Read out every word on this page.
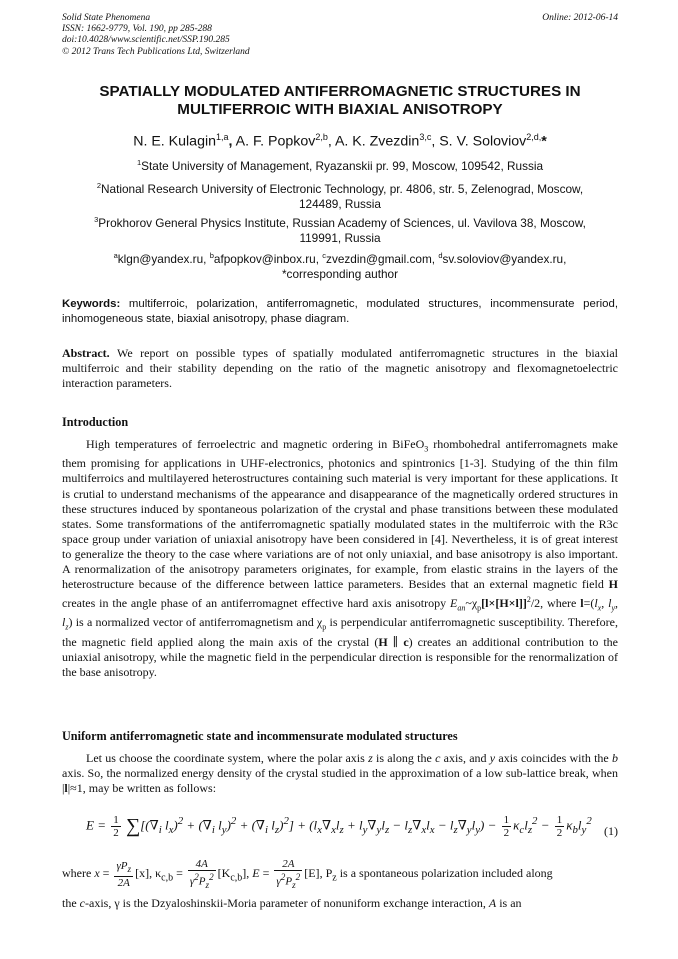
Solid State Phenomena
ISSN: 1662-9779, Vol. 190, pp 285-288
doi:10.4028/www.scientific.net/SSP.190.285
© 2012 Trans Tech Publications Ltd, Switzerland
Online: 2012-06-14
SPATIALLY MODULATED ANTIFERROMAGNETIC STRUCTURES IN
MULTIFERROIC WITH BIAXIAL ANISOTROPY
N. E. Kulagin$^{1,a}$, A. F. Popkov$^{2,b}$, A. K. Zvezdin$^{3,c}$, S. V. Soloviov$^{2,d,}$*
$^1$State University of Management, Ryazanskii pr. 99, Moscow, 109542, Russia
$^2$National Research University of Electronic Technology, pr. 4806, str. 5, Zelenograd, Moscow,
124489, Russia
$^3$Prokhorov General Physics Institute, Russian Academy of Sciences, ul. Vavilova 38, Moscow,
119991, Russia
$^a$klgn@yandex.ru, $^b$afpopkov@inbox.ru, $^c$zvezdin@gmail.com, $^d$sv.soloviov@yandex.ru,
*corresponding author
Keywords: multiferroic, polarization, antiferromagnetic, modulated structures, incommensurate period, inhomogeneous state, biaxial anisotropy, phase diagram.
Abstract. We report on possible types of spatially modulated antiferromagnetic structures in the biaxial multiferroic and their stability depending on the ratio of the magnetic anisotropy and flexomagnetoelectric interaction parameters.
Introduction
High temperatures of ferroelectric and magnetic ordering in BiFeO$_3$ rhombohedral antiferromagnets make them promising for applications in UHF-electronics, photonics and spintronics [1-3]. Studying of the thin film multiferroics and multilayered heterostructures containing such material is very important for these applications. It is crutial to understand mechanisms of the appearance and disappearance of the magnetically ordered structures in these structures induced by spontaneous polarization of the crystal and phase transitions between these modulated states. Some transformations of the antiferromagnetic spatially modulated states in the multiferroic with the R3c space group under variation of uniaxial anisotropy have been considered in [4]. Nevertheless, it is of great interest to generalize the theory to the case where variations are of not only uniaxial, and base anisotropy is also important. A renormalization of the anisotropy parameters originates, for example, from elastic strains in the layers of the heterostructure because of the difference between lattice parameters. Besides that an external magnetic field H creates in the angle phase of an antiferromagnet effective hard axis anisotropy $E_{an}\sim\chi_p[l\times[H\times l]]^2/2$, where $l=(l_x$, $l_y$, $l_z$) is a normalized vector of antiferromagnetism and $\chi_p$ is perpendicular antiferromagnetic susceptibility. Therefore, the magnetic field applied along the main axis of the crystal (H ∥ c) creates an additional contribution to the uniaxial anisotropy, while the magnetic field in the perpendicular direction is responsible for the renormalization of the base anisotropy.
Uniform antiferromagnetic state and incommensurate modulated structures
Let us choose the coordinate system, where the polar axis z is along the c axis, and y axis coincides with the b axis. So, the normalized energy density of the crystal studied in the approximation of a low sub-lattice break, when |l|≈1, may be written as follows:
$E = \frac{1}{2} \sum[(\nabla_i$ $l_x)^2 + (\nabla_i$ $l_y)^2 + (\nabla_i$ $l_z)^2] + (l_x\nabla_xl_z + l_y\nabla_yl_z - l_z\nabla_xl_x - l_z\nabla_yl_y) - \frac{1}{2} \kappa_cl_z^2 - \frac{1}{2} \kappa_bl_y^2$
(1)
where $x = \frac{\gamma P_z}{2A} [x]$, $\kappa_{c,b} = \frac{4A}{\gamma^2P_z^2} [K_{c,b}]$, $E = \frac{2A}{\gamma^2P_z^2} [E]$, $P_z$ is a spontaneous polarization included along
the c-axis, γ is the Dzyaloshinskii-Moria parameter of nonuniform exchange interaction, A is an
